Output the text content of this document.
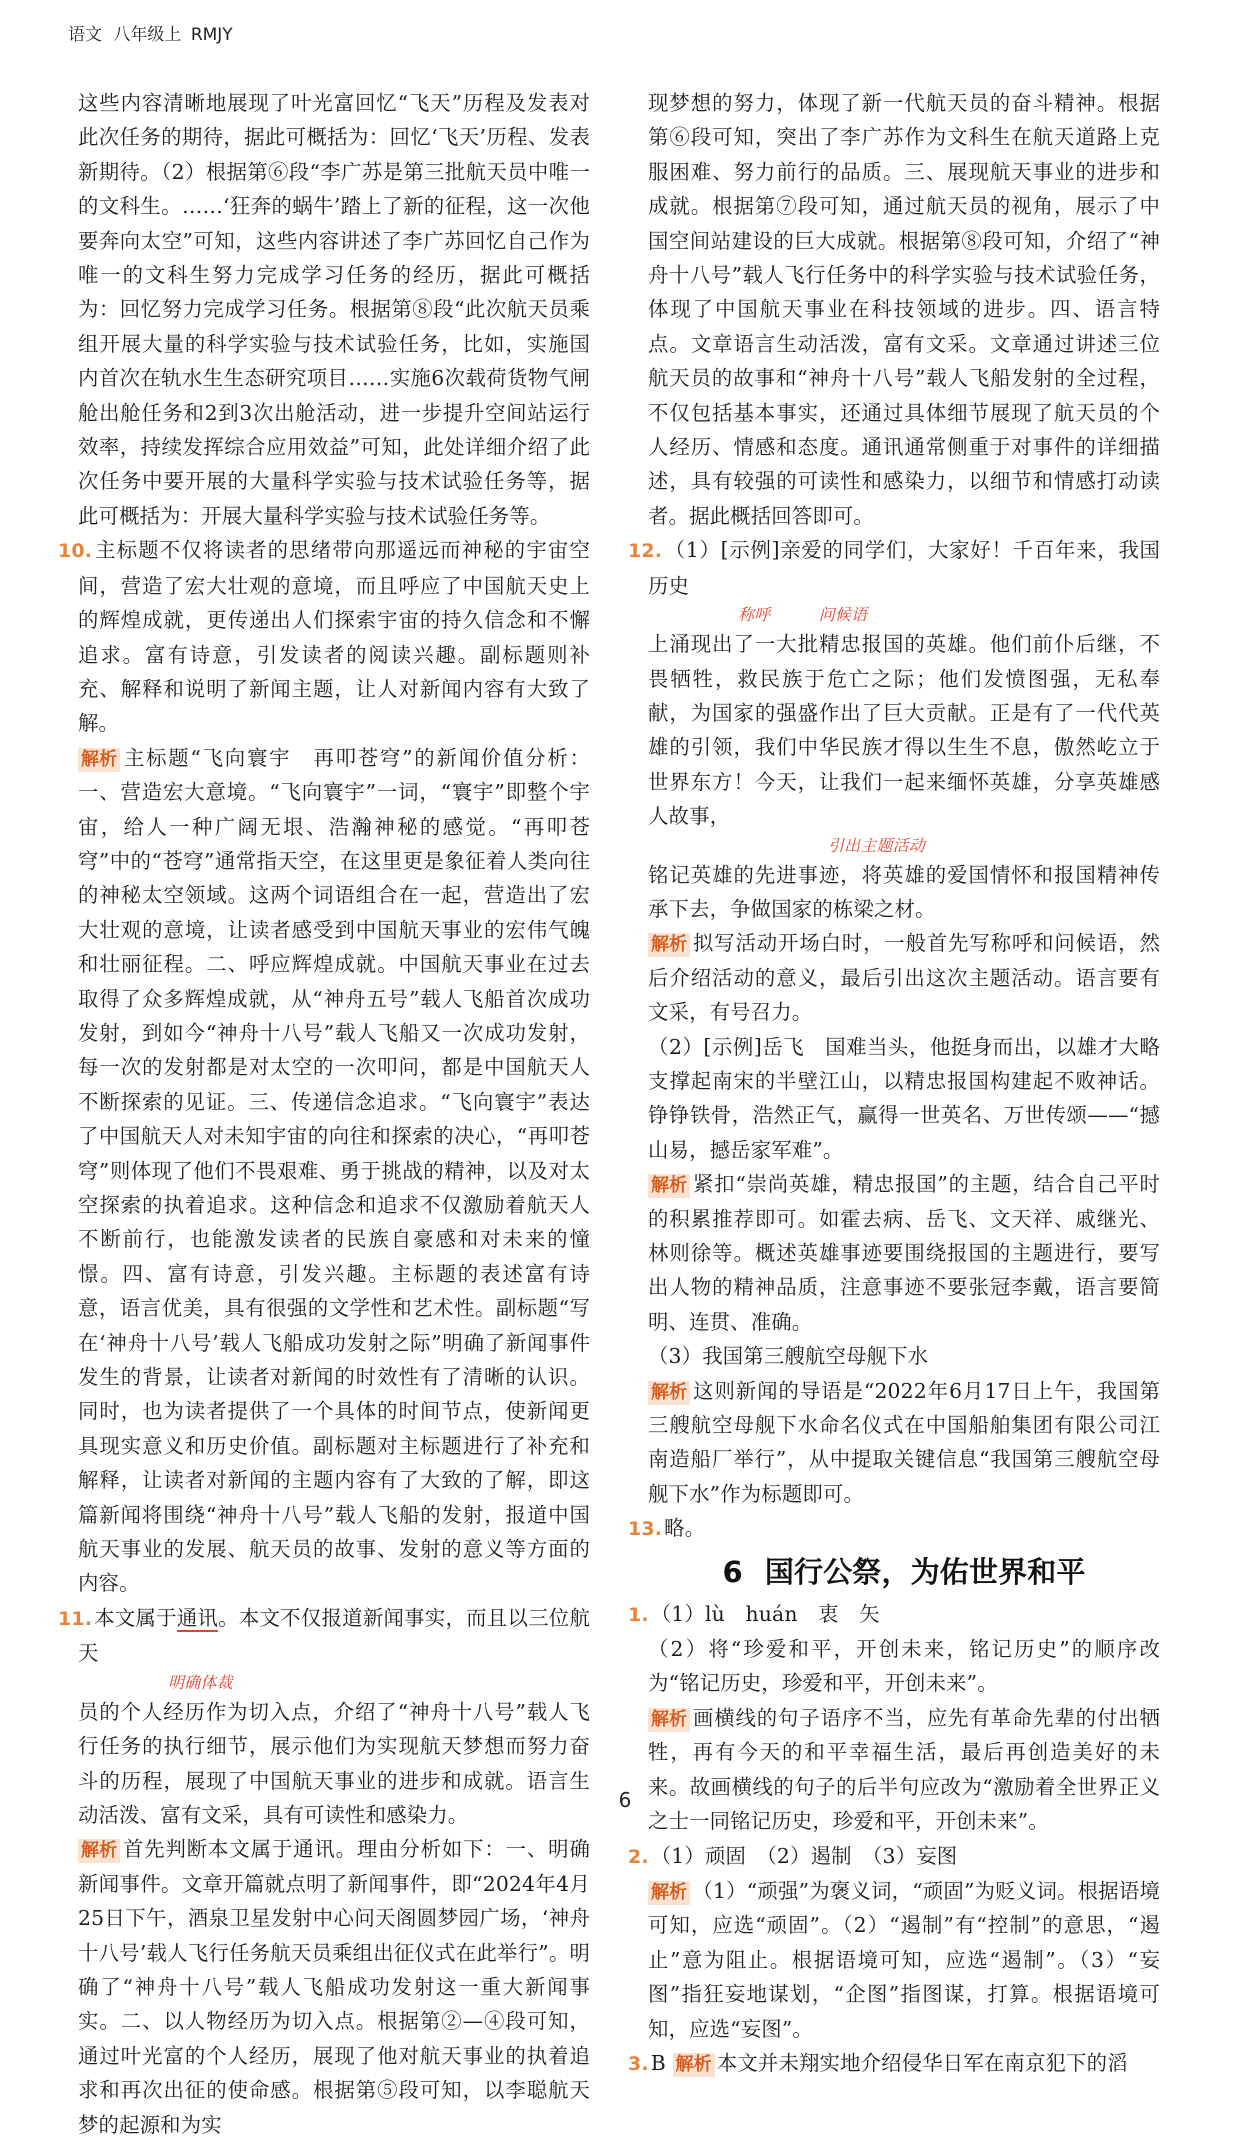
语文 八年级上 RMJY

这些内容清晰地展现了叶光富回忆“飞天”历程及发表对此次任务的期待，据此可概括为：回忆‘飞天’历程、发表新期待。（2）根据第⑥段“李广苏是第三批航天员中唯一的文科生。……‘狂奔的蜗牛’踏上了新的征程，这一次他要奔向太空”可知，这些内容讲述了李广苏回忆自己作为唯一的文科生努力完成学习任务的经历，据此可概括为：回忆努力完成学习任务。根据第⑧段“此次航天员乘组开展大量的科学实验与技术试验任务，比如，实施国内首次在轨水生生态研究项目……实施6次载荷货物气闸舱出舱任务和2到3次出舱活动，进一步提升空间站运行效率，持续发挥综合应用效益”可知，此处详细介绍了此次任务中要开展的大量科学实验与技术试验任务等，据此可概括为：开展大量科学实验与技术试验任务等。

10.主标题不仅将读者的思绪带向那遥远而神秘的宇宙空间，营造了宏大壮观的意境，而且呼应了中国航天史上的辉煌成就，更传递出人们探索宇宙的持久信念和不懈追求。富有诗意，引发读者的阅读兴趣。副标题则补充、解释和说明了新闻主题，让人对新闻内容有大致了解。

解析 主标题“飞向寰宇　再叩苍穹”的新闻价值分析：一、营造宏大意境。“飞向寰宇”一词，“寰宇”即整个宇宙，给人一种广阔无垠、浩瀚神秘的感觉。“再叩苍穹”中的“苍穹”通常指天空，在这里更是象征着人类向往的神秘太空领域。这两个词语组合在一起，营造出了宏大壮观的意境，让读者感受到中国航天事业的宏伟气魄和壮丽征程。二、呼应辉煌成就。中国航天事业在过去取得了众多辉煌成就，从“神舟五号”载人飞船首次成功发射，到如今“神舟十八号”载人飞船又一次成功发射，每一次的发射都是对太空的一次叩问，都是中国航天人不断探索的见证。三、传递信念追求。“飞向寰宇”表达了中国航天人对未知宇宙的向往和探索的决心，“再叩苍穹”则体现了他们不畏艰难、勇于挑战的精神，以及对太空探索的执着追求。这种信念和追求不仅激励着航天人不断前行，也能激发读者的民族自豪感和对未来的憧憬。四、富有诗意，引发兴趣。主标题的表述富有诗意，语言优美，具有很强的文学性和艺术性。副标题“写在‘神舟十八号’载人飞船成功发射之际”明确了新闻事件发生的背景，让读者对新闻的时效性有了清晰的认识。同时，也为读者提供了一个具体的时间节点，使新闻更具现实意义和历史价值。副标题对主标题进行了补充和解释，让读者对新闻的主题内容有了大致的了解，即这篇新闻将围绕“神舟十八号”载人飞船的发射，报道中国航天事业的发展、航天员的故事、发射的意义等方面的内容。

11.本文属于通讯。本文不仅报道新闻事实，而且以三位航天

明确体裁

员的个人经历作为切入点，介绍了“神舟十八号”载人飞行任务的执行细节，展示他们为实现航天梦想而努力奋斗的历程，展现了中国航天事业的进步和成就。语言生动活泼、富有文采，具有可读性和感染力。

解析 首先判断本文属于通讯。理由分析如下：一、明确新闻事件。文章开篇就点明了新闻事件，即“2024年4月25日下午，酒泉卫星发射中心问天阁圆梦园广场，‘神舟十八号’载人飞行任务航天员乘组出征仪式在此举行”。明确了“神舟十八号”载人飞船成功发射这一重大新闻事实。二、以人物经历为切入点。根据第②—④段可知，通过叶光富的个人经历，展现了他对航天事业的执着追求和再次出征的使命感。根据第⑤段可知，以李聪航天梦的起源和为实

现梦想的努力，体现了新一代航天员的奋斗精神。根据第⑥段可知，突出了李广苏作为文科生在航天道路上克服困难、努力前行的品质。三、展现航天事业的进步和成就。根据第⑦段可知，通过航天员的视角，展示了中国空间站建设的巨大成就。根据第⑧段可知，介绍了“神舟十八号”载人飞行任务中的科学实验与技术试验任务，体现了中国航天事业在科技领域的进步。四、语言特点。文章语言生动活泼，富有文采。文章通过讲述三位航天员的故事和“神舟十八号”载人飞船发射的全过程，不仅包括基本事实，还通过具体细节展现了航天员的个人经历、情感和态度。通讯通常侧重于对事件的详细描述，具有较强的可读性和感染力，以细节和情感打动读者。据此概括回答即可。

12.（1）[示例]亲爱的同学们，大家好！千百年来，我国历史

称呼　　　问候语

上涌现出了一大批精忠报国的英雄。他们前仆后继，不畏牺牲，救民族于危亡之际；他们发愤图强，无私奉献，为国家的强盛作出了巨大贡献。正是有了一代代英雄的引领，我们中华民族才得以生生不息，傲然屹立于世界东方！今天，让我们一起来缅怀英雄，分享英雄感人故事，

引出主题活动

铭记英雄的先进事迹，将英雄的爱国情怀和报国精神传承下去，争做国家的栋梁之材。

解析 拟写活动开场白时，一般首先写称呼和问候语，然后介绍活动的意义，最后引出这次主题活动。语言要有文采，有号召力。

（2）[示例]岳飞　国难当头，他挺身而出，以雄才大略支撑起南宋的半壁江山，以精忠报国构建起不败神话。铮铮铁骨，浩然正气，赢得一世英名、万世传颂——“撼山易，撼岳家军难”。

解析 紧扣“崇尚英雄，精忠报国”的主题，结合自己平时的积累推荐即可。如霍去病、岳飞、文天祥、戚继光、林则徐等。概述英雄事迹要围绕报国的主题进行，要写出人物的精神品质，注意事迹不要张冠李戴，语言要简明、连贯、准确。

（3）我国第三艘航空母舰下水

解析 这则新闻的导语是“2022年6月17日上午，我国第三艘航空母舰下水命名仪式在中国船舶集团有限公司江南造船厂举行”，从中提取关键信息“我国第三艘航空母舰下水”作为标题即可。

13.略。

6 国行公祭，为佑世界和平

1.（1）lù　huán　衷　矢

（2）将“珍爱和平，开创未来，铭记历史”的顺序改为“铭记历史，珍爱和平，开创未来”。

解析 画横线的句子语序不当，应先有革命先辈的付出牺牲，再有今天的和平幸福生活，最后再创造美好的未来。故画横线的句子的后半句应改为“激励着全世界正义之士一同铭记历史，珍爱和平，开创未来”。

2.（1）顽固　（2）遏制　（3）妄图

解析 （1）“顽强”为褒义词，“顽固”为贬义词。根据语境可知，应选“顽固”。（2）“遏制”有“控制”的意思，“遏止”意为阻止。根据语境可知，应选“遏制”。（3）“妄图”指狂妄地谋划，“企图”指图谋，打算。根据语境可知，应选“妄图”。

3.B 解析 本文并未翔实地介绍侵华日军在南京犯下的滔

6
